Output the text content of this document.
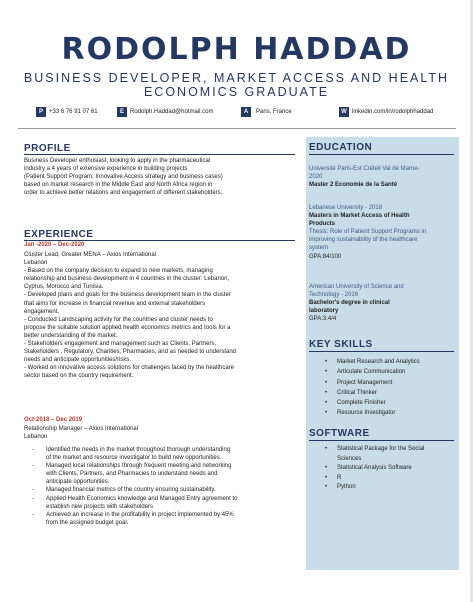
RODOLPH HADDAD
BUSINESS DEVELOPER, MARKET ACCESS AND HEALTH ECONOMICS GRADUATE
P	+33 6 76 91 07 61	E	Rodolph.Haddad@hotmail.com	A	Paris, France	W linkedin.com/in/rodolphhaddad
PROFILE
Business Developer enthusiast, looking to apply in the pharmaceutical
industry a 4 years of extensive experience in building projects
(Patient Support Program, Innovative Access strategy and business cases)
based on market research in the Middle East and North Africa region in
order to achieve better relations and engagement of different stakeholders.
EXPERIENCE
Jan -2020 – Dec-2020
Cluster Lead, Greater MENA – Axios International
Lebanon
- Based on the company decision to expand to new markets, managing
relationship and business development in 4 countries in the cluster: Lebanon,
Cyprus, Morocco and Tunisia.
- Developed plans and goals for the business development team in the cluster
that aims for increase in financial revenue and external stakeholders
engagement.
- Conducted Landscaping activity for the countries and cluster needs to
propose the suitable solution applied health economics metrics and tools for a
better understanding of the market.
- Stakeholders engagement and management such as Clients, Partners,
Stakeholders , Regulatory, Charities, Pharmacies, and as needed to understand
needs and anticipate opportunities/risks.
- Worked on innovative access solutions for challenges faced by the healthcare
sector based on the country requirement.
Oct-2018 – Dec 2019
Relationship Manager – Axios International
Lebanon
- Identified the needs in the market throughout thorough understanding
of the market and resource investigator to build new opportunities.
- Managed local relationships through frequent meeting and networking
with Clients, Partners, and Pharmacies to understand needs and
anticipate opportunities.
- Managed financial metrics of the country ensuring sustainability.
- Applied Health Economics knowledge and Managed Entry agreement to
establish new projects with stakeholders
- Achieved an increase in the profitability in project implemented by 45%
from the assigned budget goal.
EDUCATION
Université Paris-Est Créteil Val de Marne-
2020
Master 2 Economie de la Santé
Lebanese University - 2018
Masters in Market Access of Health
Products
Thesis: Role of Patient Support Programs in
improving sustainability of the healthcare
system
GPA:84/100
American University of Science and
Technology - 2016
Bachelor's degree in clinical
laboratory
GPA:3.4/4
KEY SKILLS
• Market Research and Analytics
• Articulate Communication
• Project Management
• Critical Thinker
• Complete Finisher
• Resource Investigator
SOFTWARE
• Statistical Package for the Social
Sciences
• Statistical Analysis Software
• R
• Python
